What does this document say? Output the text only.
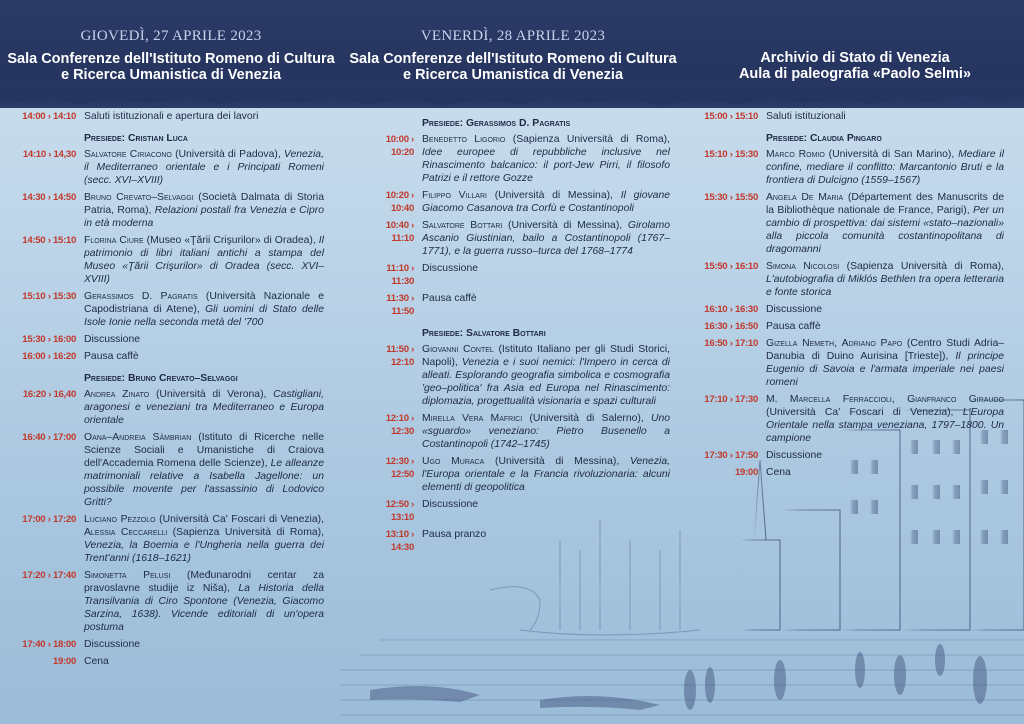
GIOVEDÌ, 27 APRILE 2023
Sala Conferenze dell'Istituto Romeno di Cultura
e Ricerca Umanistica di Venezia
VENERDÌ, 28 APRILE 2023
Sala Conferenze dell'Istituto Romeno di Cultura
e Ricerca Umanistica di Venezia
Archivio di Stato di Venezia
Aula di paleografia «Paolo Selmi»
14:00 › 14:10 Saluti istituzionali e apertura dei lavori
Presiede: Cristian Luca
14:10 › 14,30 Salvatore Ciriacono (Università di Padova), Venezia, il Mediterraneo orientale e i Principati Romeni (secc. XVI–XVIII)
14:30 › 14:50 Bruno Crevato–Selvaggi (Società Dalmata di Storia Patria, Roma), Relazioni postali fra Venezia e Cipro in età moderna
14:50 › 15:10 Florina Ciure (Museo «Ţării Crişurilor» di Oradea), Il patrimonio di libri italiani antichi a stampa del Museo «Ţării Crişurilor» di Oradea (secc. XVI–XVIII)
15:10 › 15:30 Gerassimos D. Pagratis (Università Nazionale e Capodistriana di Atene), Gli uomini di Stato delle Isole Ionie nella seconda metà del '700
15:30 › 16:00 Discussione
16:00 › 16:20 Pausa caffè
Presiede: Bruno Crevato–Selvaggi
16:20 › 16,40 Andrea Zinato (Università di Verona), Castigliani, aragonesi e veneziani tra Mediterraneo e Europa orientale
16:40 › 17:00 Oana–Andreia Sâmbrian (Istituto di Ricerche nelle Scienze Sociali e Umanistiche di Craiova dell'Accademia Romena delle Scienze), Le alleanze matrimoniali relative a Isabella Jagellone: un possibile movente per l'assassinio di Lodovico Gritti?
17:00 › 17:20 Luciano Pezzolo (Università Ca' Foscari di Venezia), Alessia Ceccarelli (Sapienza Università di Roma), Venezia, la Boemia e l'Ungheria nella guerra dei Trent'anni (1618–1621)
17:20 › 17:40 Simonetta Pelusi (Međunarodni centar za pravoslavne studije iz Niša), La Historia della Transilvania di Ciro Spontone (Venezia, Giacomo Sarzina, 1638). Vicende editoriali di un'opera postuma
17:40 › 18:00 Discussione
19:00 Cena
Presiede: Gerassimos D. Pagratis
10:00 › 10:20
Benedetto Ligorio (Sapienza Università di Roma), Idee europee di repubbliche inclusive nel Rinascimento balcanico: il port-Jew Pirri, il filosofo Patrizi e il rettore Gozze
10:20 › 10:40
Filippo Villari (Università di Messina), Il giovane Giacomo Casanova tra Corfù e Costantinopoli
10:40 › 11:10
Salvatore Bottari (Università di Messina), Girolamo Ascanio Giustinian, bailo a Costantinopoli (1767–1771), e la guerra russo–turca del 1768–1774
11:10 › 11:30
Discussione
11:30 › 11:50
Pausa caffè
Presiede: Salvatore Bottari
11:50 › 12:10
Giovanni Contel (Istituto Italiano per gli Studi Storici, Napoli), Venezia e i suoi nemici: l'Impero in cerca di alleati. Esplorando geografia simbolica e cosmografia 'geo–politica' fra Asia ed Europa nel Rinascimento: diplomazia, progettualità visionaria e spazi culturali
12:10 › 12:30
Mirella Vera Mafrici (Università di Salerno), Uno «sguardo» veneziano: Pietro Busenello a Costantinopoli (1742–1745)
12:30 › 12:50
Ugo Muraca (Università di Messina), Venezia, l'Europa orientale e la Francia rivoluzionaria: alcuni elementi di geopolitica
12:50 › 13:10
Discussione
13:10 › 14:30
Pausa pranzo
15:00 › 15:10 Saluti istituzionali
Presiede: Claudia Pingaro
15:10 › 15:30 Marco Romio (Università di San Marino), Mediare il confine, mediare il conflitto: Marcantonio Bruti e la frontiera di Dulcigno (1559–1567)
15:30 › 15:50 Angela De Maria (Département des Manuscrits de la Bibliothèque nationale de France, Parigi), Per un cambio di prospettiva: dai sistemi «stato–nazionali» alla piccola comunità costantinopolitana di dragomanni
15:50 › 16:10 Simona Nicolosi (Sapienza Università di Roma), L'autobiografia di Miklós Bethlen tra opera letteraria e fonte storica
16:10 › 16:30 Discussione
16:30 › 16:50 Pausa caffè
16:50 › 17:10 Gizella Nemeth, Adriano Papo (Centro Studi Adria–Danubia di Duino Aurisina [Trieste]), Il principe Eugenio di Savoia e l'armata imperiale nei paesi romeni
17:10 › 17:30 M. Marcella Ferraccioli, Gianfranco Giraudo (Università Ca' Foscari di Venezia), L'Europa Orientale nella stampa veneziana, 1797–1800. Un campione
17:30 › 17:50 Discussione
19:00 Cena
